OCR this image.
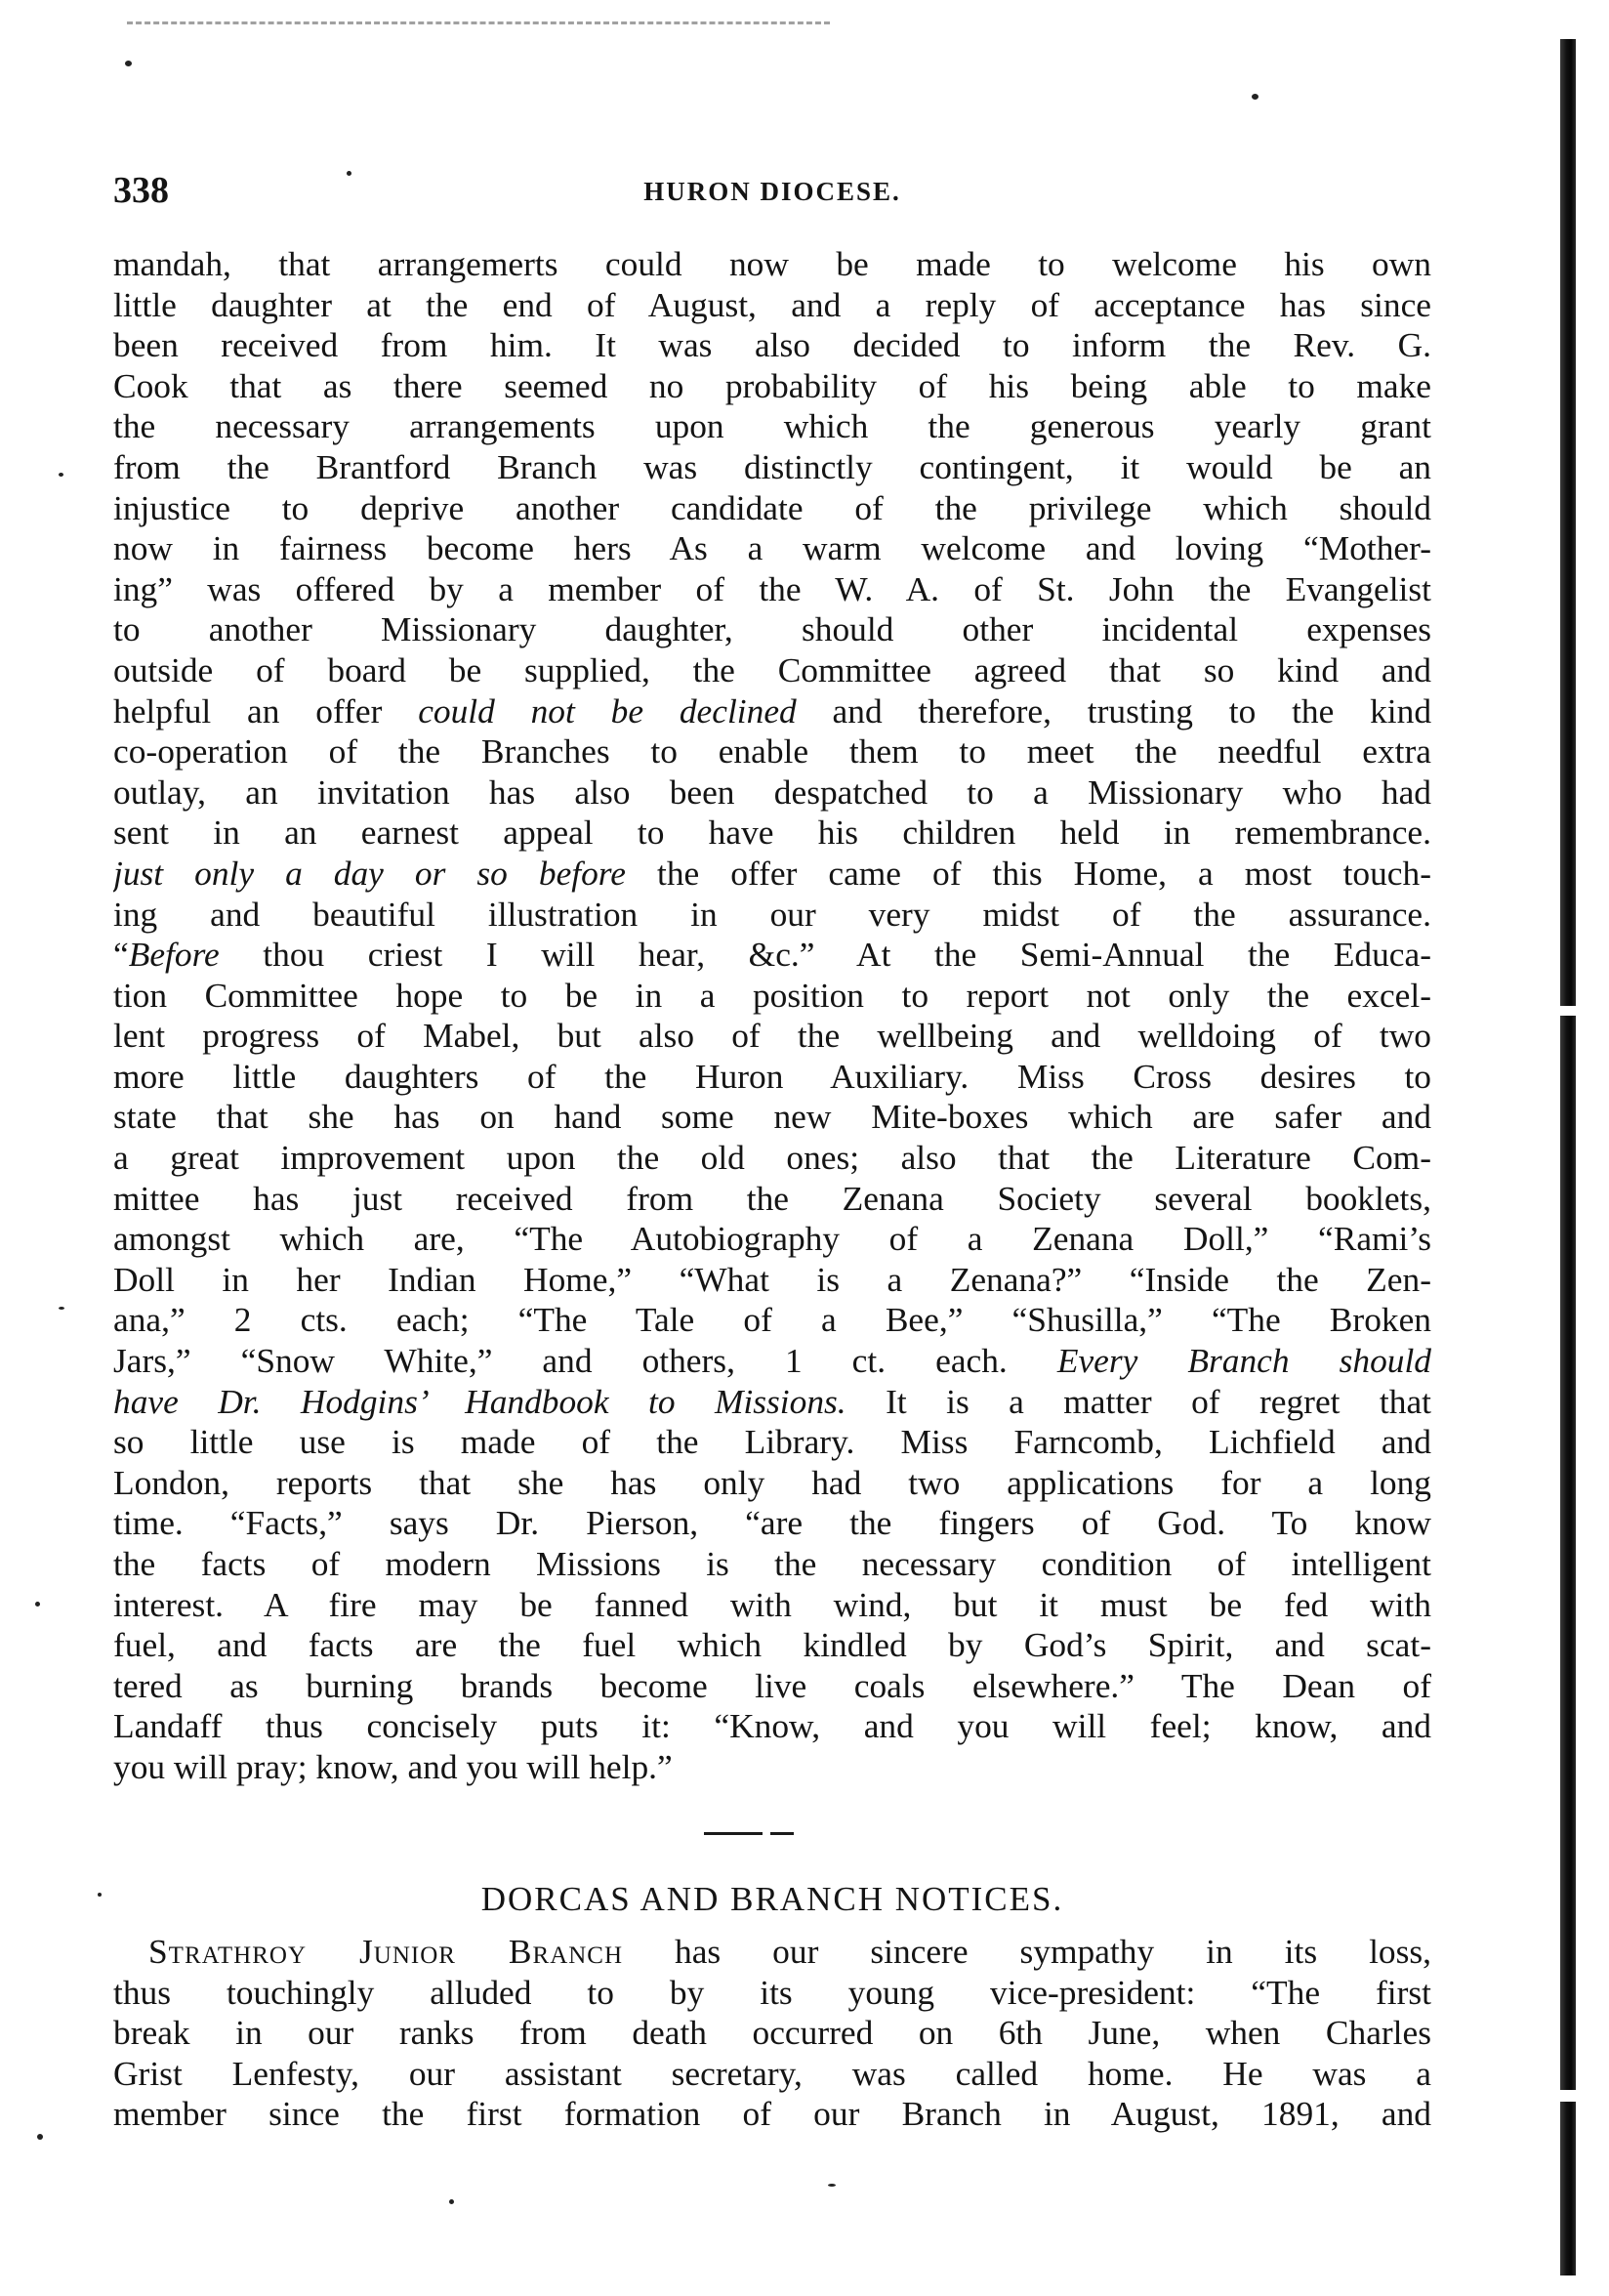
338	HURON DIOCESE.
mandah, that arrangemerts could now be made to welcome his own
little daughter at the end of August, and a reply of acceptance has since
been received from him. It was also decided to inform the Rev. G.
Cook that as there seemed no probability of his being able to make
the necessary arrangements upon which the generous yearly grant
from the Brantford Branch was distinctly contingent, it would be an
injustice to deprive another candidate of the privilege which should
now in fairness become hers As a warm welcome and loving “Mother-
ing” was offered by a member of the W. A. of St. John the Evangelist
to another Missionary daughter, should other incidental expenses
outside of board be supplied, the Committee agreed that so kind and
helpful an offer could not be declined and therefore, trusting to the kind
co-operation of the Branches to enable them to meet the needful extra
outlay, an invitation has also been despatched to a Missionary who had
sent in an earnest appeal to have his children held in remembrance.
just only a day or so before the offer came of this Home, a most touch-
ing and beautiful illustration in our very midst of the assurance.
“Before thou criest I will hear, &c.” At the Semi-Annual the Educa-
tion Committee hope to be in a position to report not only the excel-
lent progress of Mabel, but also of the wellbeing and welldoing of two
more little daughters of the Huron Auxiliary. Miss Cross desires to
state that she has on hand some new Mite-boxes which are safer and
a great improvement upon the old ones; also that the Literature Com-
mittee has just received from the Zenana Society several booklets,
amongst which are, “The Autobiography of a Zenana Doll,” “Rami’s
Doll in her Indian Home,” “What is a Zenana?” “Inside the Zen-
ana,” 2 cts. each; “The Tale of a Bee,” “Shusilla,” “The Broken
Jars,” “Snow White,” and others, 1 ct. each. Every Branch should
have Dr. Hodgins’ Handbook to Missions. It is a matter of regret that
so little use is made of the Library. Miss Farncomb, Lichfield and
London, reports that she has only had two applications for a long
time. “Facts,” says Dr. Pierson, “are the fingers of God. To know
the facts of modern Missions is the necessary condition of intelligent
interest. A fire may be fanned with wind, but it must be fed with
fuel, and facts are the fuel which kindled by God’s Spirit, and scat-
tered as burning brands become live coals elsewhere.” The Dean of
Landaff thus concisely puts it: “Know, and you will feel; know, and
you will pray; know, and you will help.”
DORCAS AND BRANCH NOTICES.
Strathroy Junior Branch has our sincere sympathy in its loss,
thus touchingly alluded to by its young vice-president: “The first
break in our ranks from death occurred on 6th June, when Charles
Grist Lenfesty, our assistant secretary, was called home. He was a
member since the first formation of our Branch in August, 1891, and
